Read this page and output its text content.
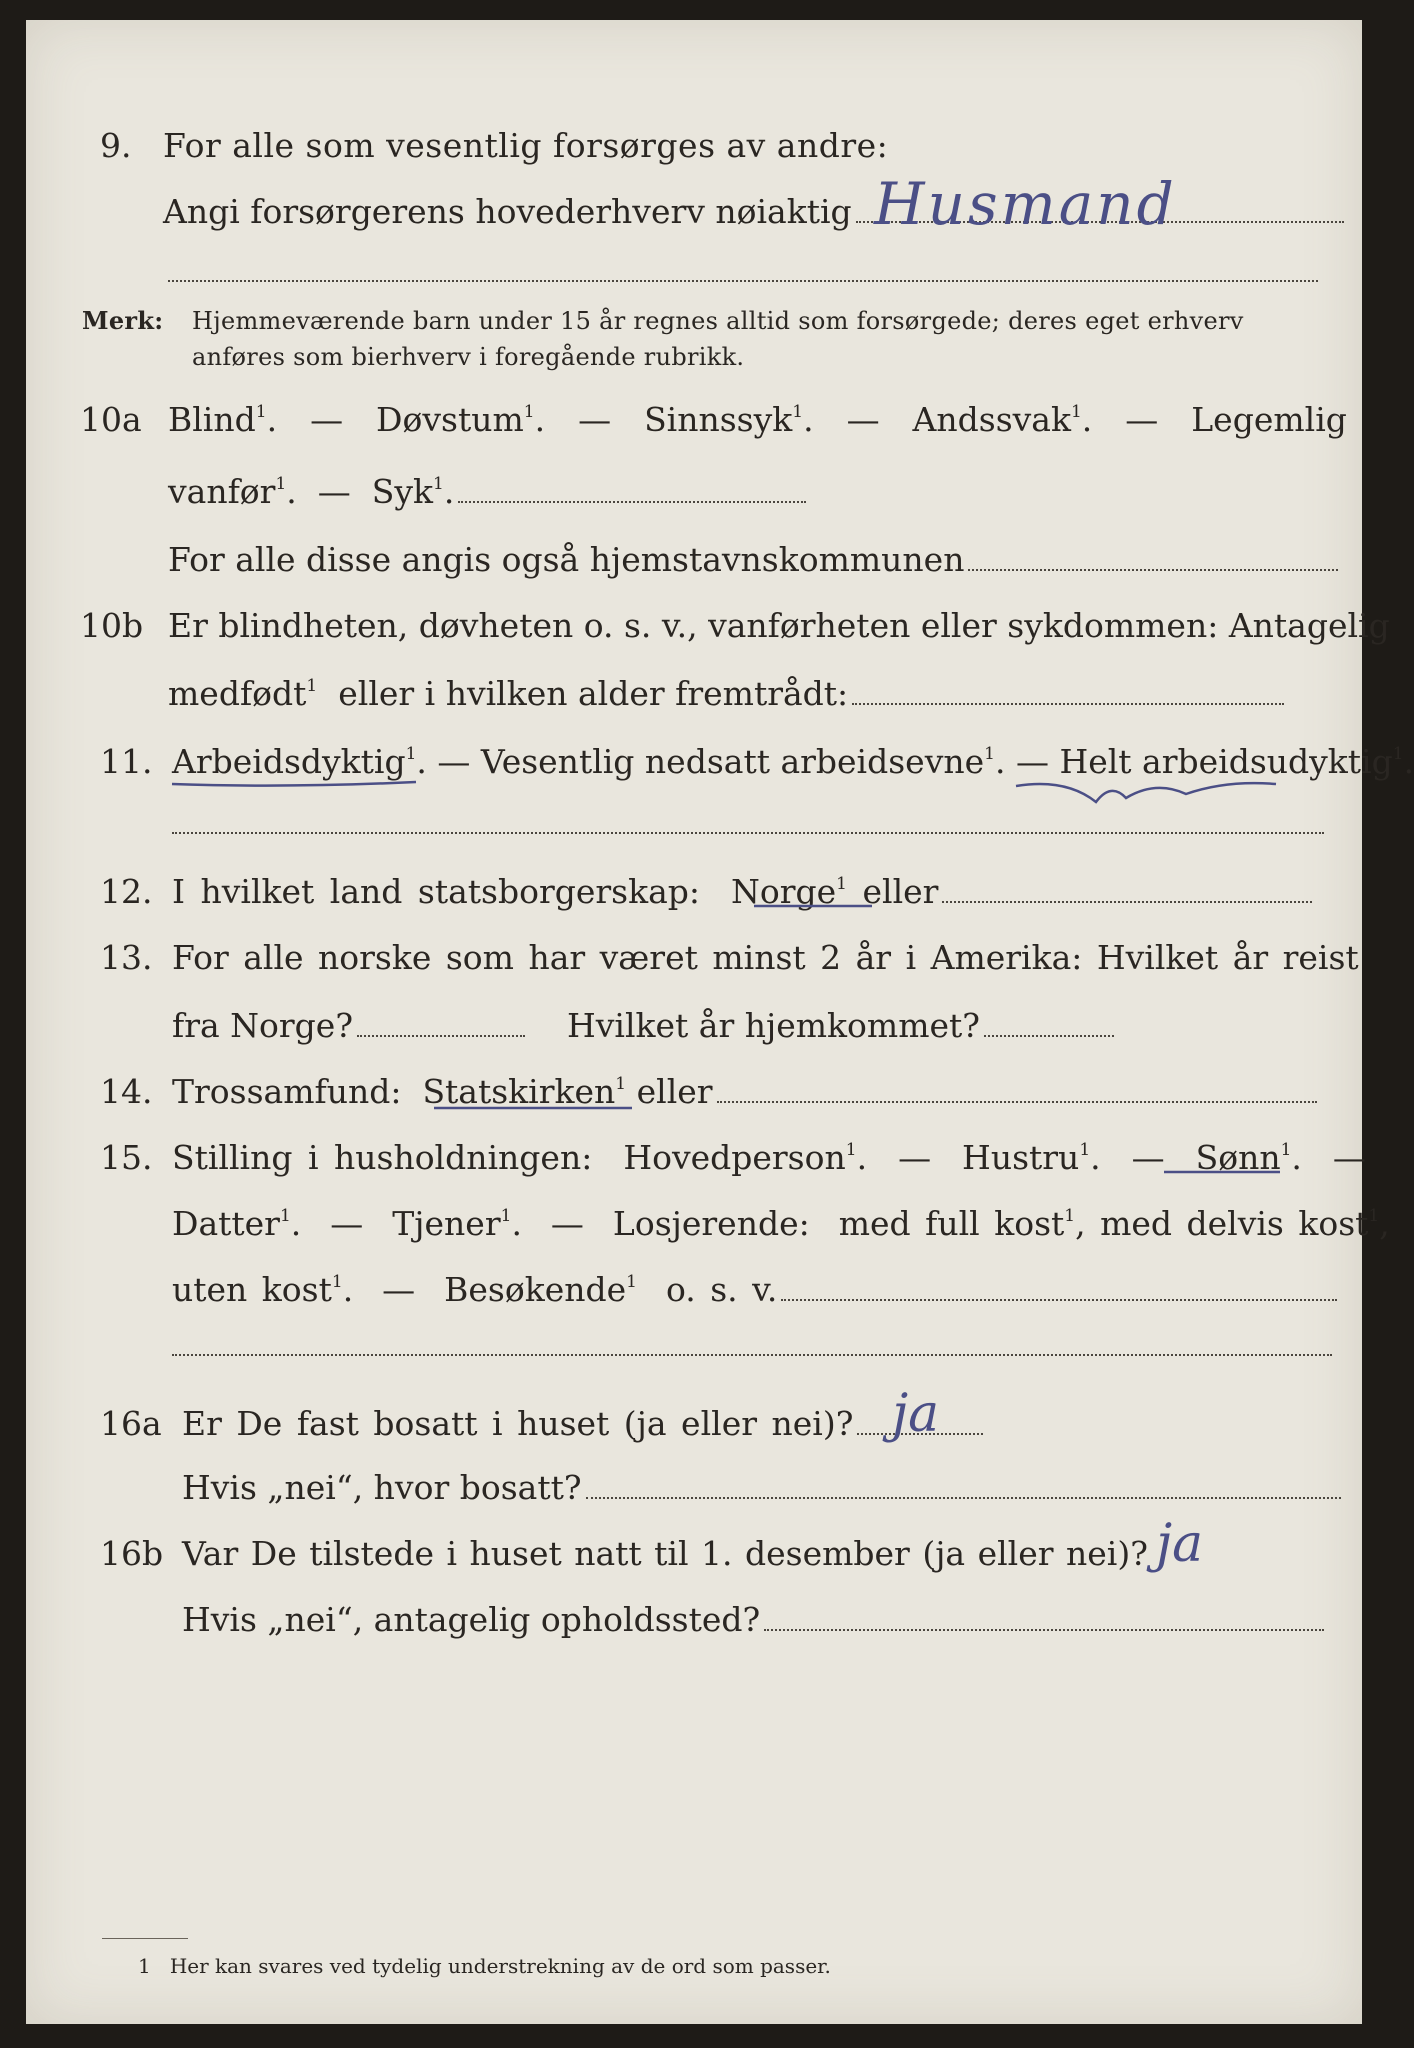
9. For alle som vesentlig forsørges av andre:
Angi forsørgerens hovederhverv nøiaktig Husmand
Merk: Hjemmeværende barn under 15 år regnes alltid som forsørgede; deres eget erhverv
anføres som bierhverv i foregående rubrikk.
10a Blind$^1$.  — Døvstum$^1$.  — Sinnssyk$^1$.  — Andssvak$^1$.  — Legemlig
vanfør$^1$.  — Syk$^1$.
For alle disse angis også hjemstavnskommunen
10b Er blindheten, døvheten o. s. v., vanførheten eller sykdommen: Antagelig
medfødt$^1$ eller i hvilken alder fremtrådt:
11. Arbeidsdyktig$^1$. — Vesentlig nedsatt arbeidsevne$^1$. — Helt arbeidsudyktig$^1$.
12. I hvilket land statsborgerskap: Norge$^1$ eller
13. For alle norske som har været minst 2 år i Amerika: Hvilket år reist
fra Norge?	Hvilket år hjemkommet?
14. Trossamfund: Statskirken$^1$ eller
15. Stilling i husholdningen: Hovedperson$^1$.  — Hustru$^1$.  — Sønn$^1$.  —
Datter$^1$.  — Tjener$^1$.  — Losjerende: med full kost$^1$, med delvis kost$^1$,
uten kost$^1$.  — Besøkende$^1$ o. s. v.
16a Er De fast bosatt i huset (ja eller nei)? ja
Hvis „nei“, hvor bosatt?
16b Var De tilstede i huset natt til 1. desember (ja eller nei)? ja
Hvis „nei“, antagelig opholdssted?
1 Her kan svares ved tydelig understrekning av de ord som passer.
